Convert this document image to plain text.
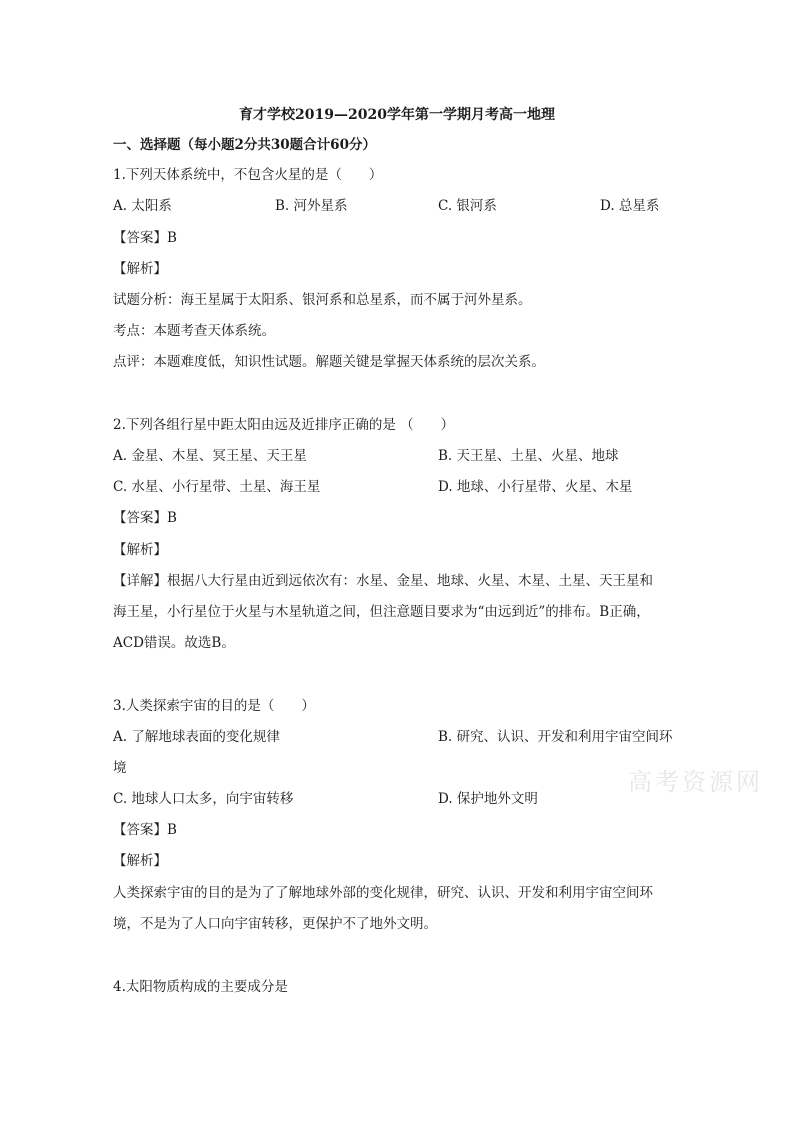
育才学校2019—2020学年第一学期月考高一地理
一、选择题（每小题2分共30题合计60分）
1.下列天体系统中，不包含火星的是（　　）
A. 太阳系	B. 河外星系	C. 银河系	D. 总星系
【答案】B
【解析】
试题分析：海王星属于太阳系、银河系和总星系，而不属于河外星系。
考点：本题考查天体系统。
点评：本题难度低，知识性试题。解题关键是掌握天体系统的层次关系。
2.下列各组行星中距太阳由远及近排序正确的是 （　　）
A. 金星、木星、冥王星、天王星	B. 天王星、土星、火星、地球
C. 水星、小行星带、土星、海王星	D. 地球、小行星带、火星、木星
【答案】B
【解析】
【详解】根据八大行星由近到远依次有：水星、金星、地球、火星、木星、土星、天王星和
海王星，小行星位于火星与木星轨道之间，但注意题目要求为“由远到近”的排布。B正确，
ACD错误。故选B。
3.人类探索宇宙的目的是（　　）
A. 了解地球表面的变化规律	B. 研究、认识、开发和利用宇宙空间环
境
C. 地球人口太多，向宇宙转移	D. 保护地外文明
【答案】B
【解析】
人类探索宇宙的目的是为了了解地球外部的变化规律，研究、认识、开发和利用宇宙空间环
境，不是为了人口向宇宙转移，更保护不了地外文明。
4.太阳物质构成的主要成分是
高考资源网
